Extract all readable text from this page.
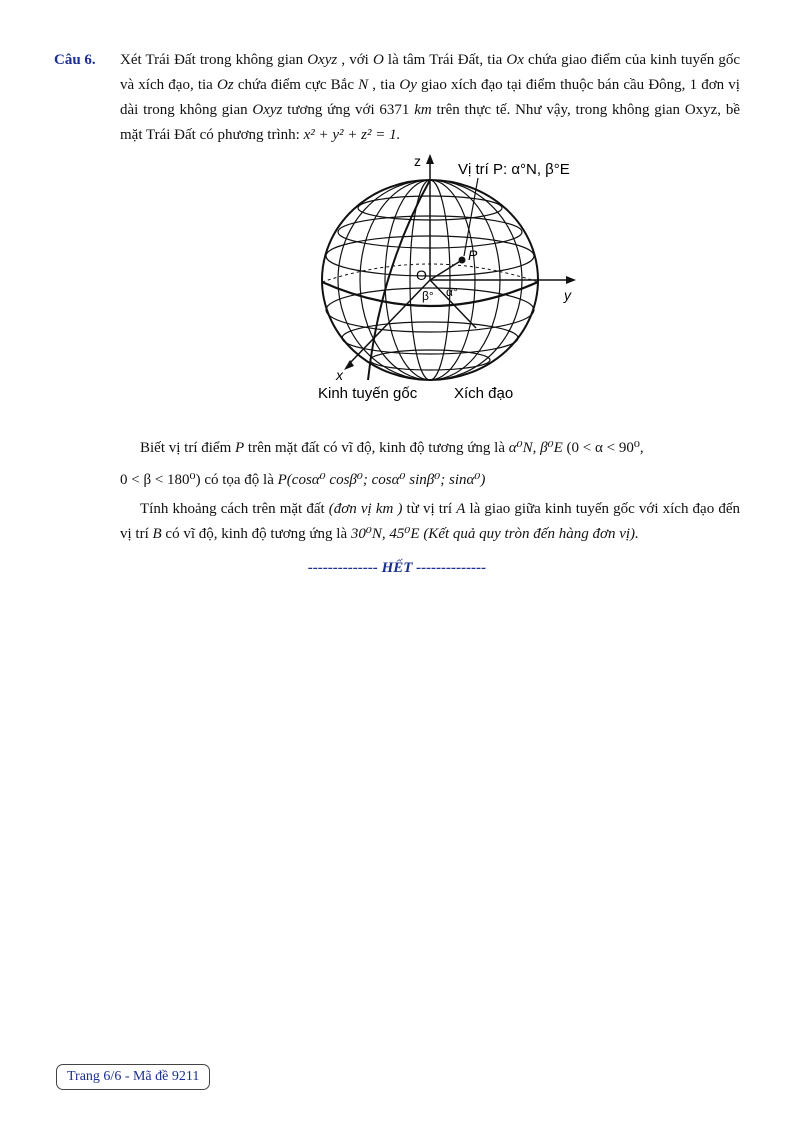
Câu 6. Xét Trái Đất trong không gian Oxyz , với O là tâm Trái Đất, tia Ox chứa giao điểm của kinh tuyến gốc và xích đạo, tia Oz chứa điểm cực Bắc N , tia Oy giao xích đạo tại điểm thuộc bán cầu Đông, 1 đơn vị dài trong không gian Oxyz tương ứng với 6371 km trên thực tế. Như vậy, trong không gian Oxyz, bề mặt Trái Đất có phương trình: x² + y² + z² = 1.
z
y
x
O
P
α°
β°
Vị trí P: α°N, β°E
Kinh tuyến gốc Xích đạo
Biết vị trí điểm P trên mặt đất có vĩ độ, kinh độ tương ứng là α⁰N, β⁰E (0 < α < 90⁰,
0 < β < 180⁰) có tọa độ là P(cosα⁰ cosβ⁰; cosα⁰ sinβ⁰; sinα⁰)
Tính khoảng cách trên mặt đất (đơn vị km ) từ vị trí A là giao giữa kinh tuyến gốc với xích đạo đến vị trí B có vĩ độ, kinh độ tương ứng là 30⁰N, 45⁰E (Kết quả quy tròn đến hàng đơn vị).
-------------- HẾT --------------
Trang 6/6 - Mã đề 9211
